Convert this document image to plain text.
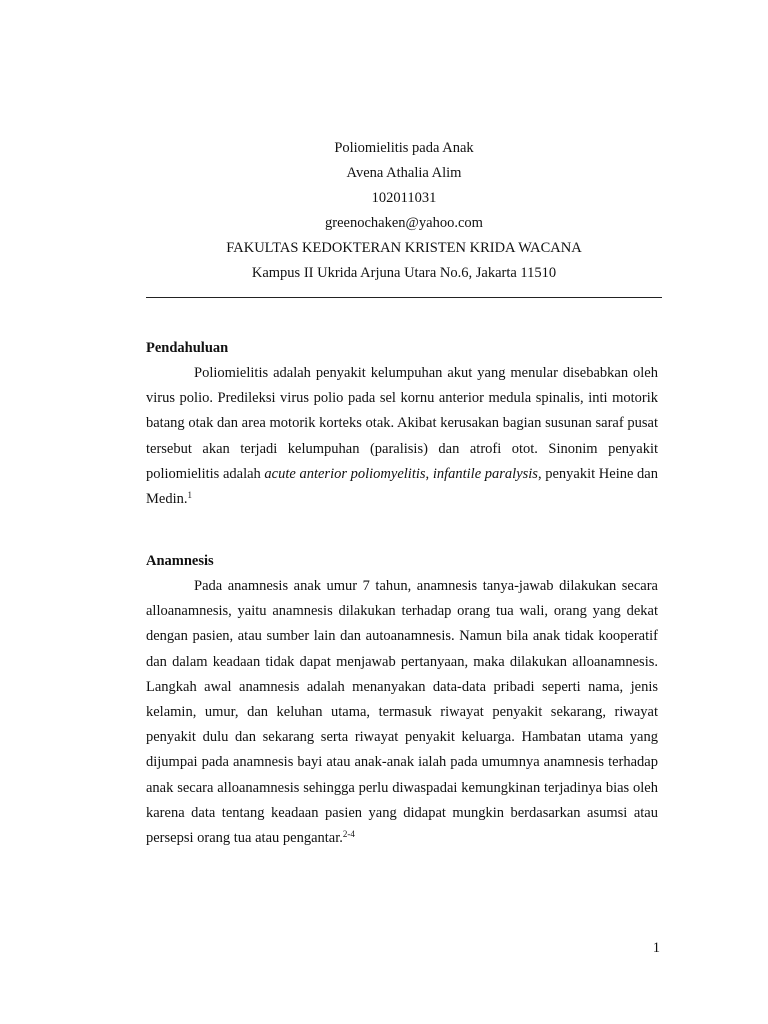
Poliomielitis pada Anak
Avena Athalia Alim
102011031
greenochaken@yahoo.com
FAKULTAS KEDOKTERAN KRISTEN KRIDA WACANA
Kampus II Ukrida Arjuna Utara No.6, Jakarta 11510
Pendahuluan

Poliomielitis adalah penyakit kelumpuhan akut yang menular disebabkan oleh virus polio. Predileksi virus polio pada sel kornu anterior medula spinalis, inti motorik batang otak dan area motorik korteks otak. Akibat kerusakan bagian susunan saraf pusat tersebut akan terjadi kelumpuhan (paralisis) dan atrofi otot. Sinonim penyakit poliomielitis adalah acute anterior poliomyelitis, infantile paralysis, penyakit Heine dan Medin.$^1$

Anamnesis

Pada anamnesis anak umur 7 tahun, anamnesis tanya-jawab dilakukan secara alloanamnesis, yaitu anamnesis dilakukan terhadap orang tua wali, orang yang dekat dengan pasien, atau sumber lain dan autoanamnesis. Namun bila anak tidak kooperatif dan dalam keadaan tidak dapat menjawab pertanyaan, maka dilakukan alloanamnesis. Langkah awal anamnesis adalah menanyakan data-data pribadi seperti nama, jenis kelamin, umur, dan keluhan utama, termasuk riwayat penyakit sekarang, riwayat penyakit dulu dan sekarang serta riwayat penyakit keluarga. Hambatan utama yang dijumpai pada anamnesis bayi atau anak-anak ialah pada umumnya anamnesis terhadap anak secara alloanamnesis sehingga perlu diwaspadai kemungkinan terjadinya bias oleh karena data tentang keadaan pasien yang didapat mungkin berdasarkan asumsi atau persepsi orang tua atau pengantar.$^{2-4}$

1
